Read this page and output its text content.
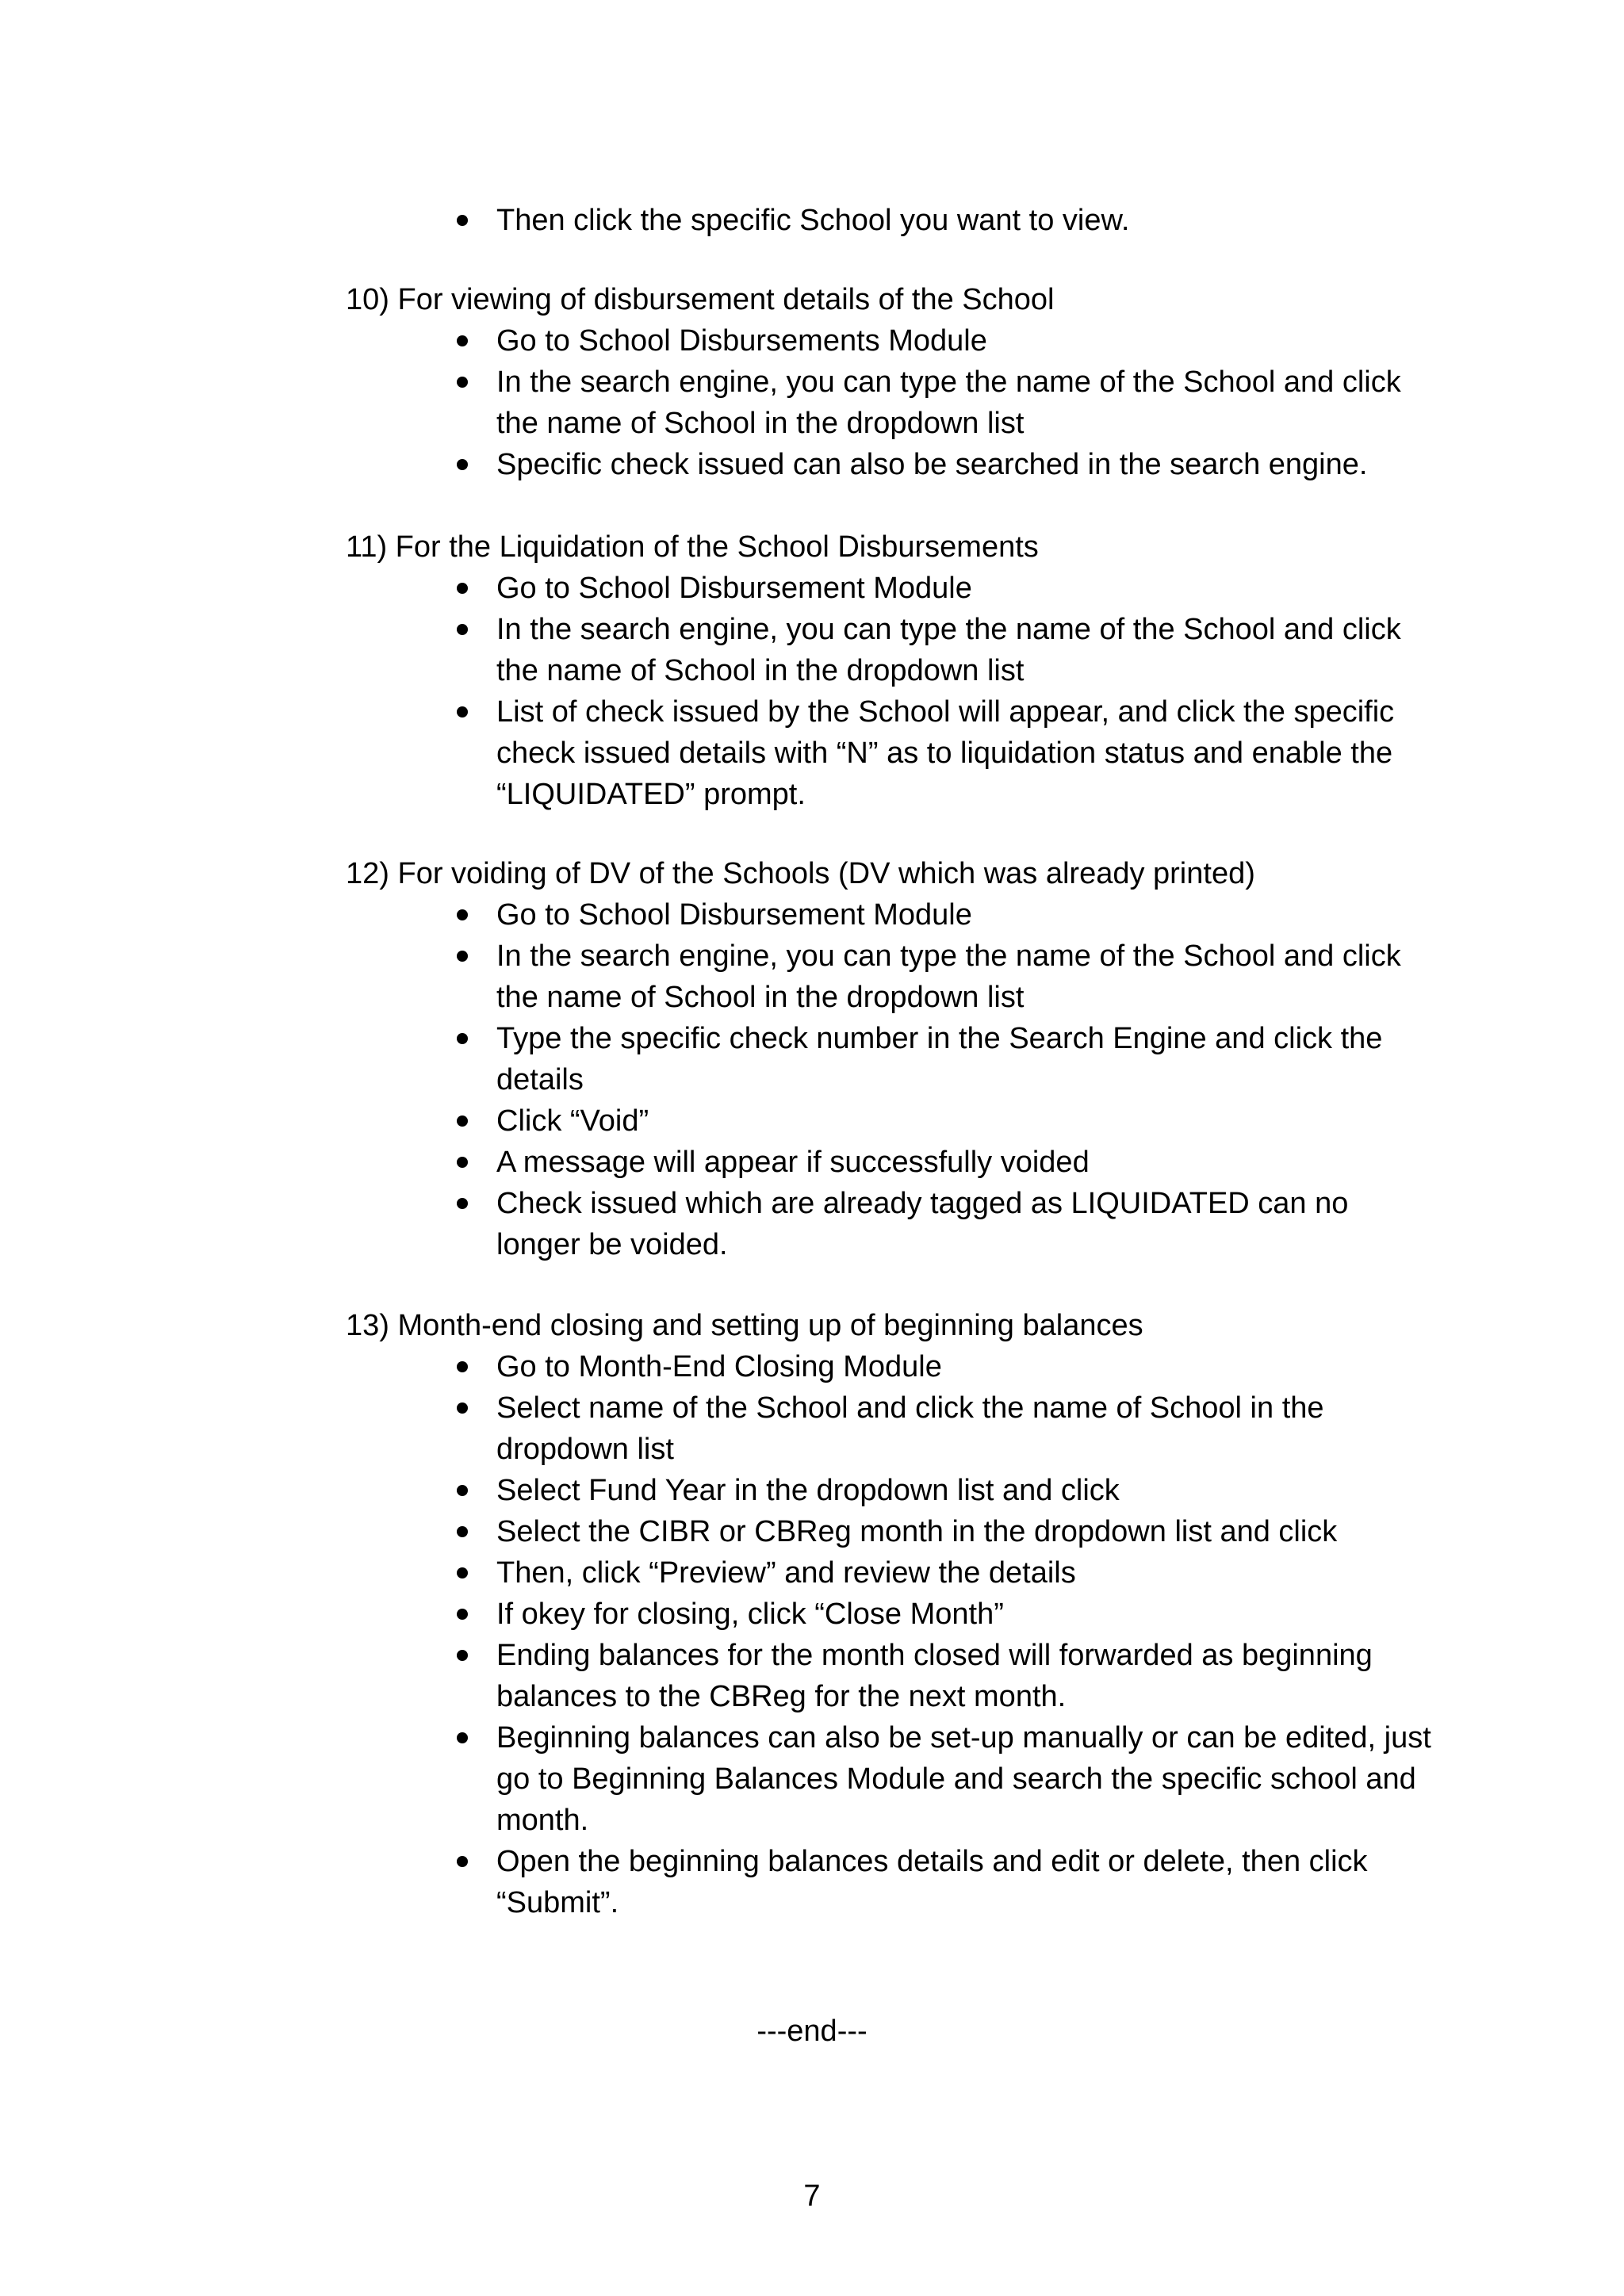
Then click the specific School you want to view.

10) For viewing of disbursement details of the School

Go to School Disbursements Module
In the search engine, you can type the name of the School and click the name of School in the dropdown list
Specific check issued can also be searched in the search engine.

11) For the Liquidation of the School Disbursements

Go to School Disbursement Module
In the search engine, you can type the name of the School and click the name of School in the dropdown list
List of check issued by the School will appear, and click the specific check issued details with “N” as to liquidation status and enable the “LIQUIDATED” prompt.

12) For voiding of DV of the Schools (DV which was already printed)

Go to School Disbursement Module
In the search engine, you can type the name of the School and click the name of School in the dropdown list
Type the specific check number in the Search Engine and click the details
Click “Void”
A message will appear if successfully voided
Check issued which are already tagged as LIQUIDATED can no longer be voided.

13) Month-end closing and setting up of beginning balances

Go to Month-End Closing Module
Select name of the School and click the name of School in the dropdown list
Select Fund Year in the dropdown list and click
Select the CIBR or CBReg month in the dropdown list and click
Then, click “Preview” and review the details
If okey for closing, click “Close Month”
Ending balances for the month closed will forwarded as beginning balances to the CBReg for the next month.
Beginning balances can also be set-up manually or can be edited, just go to Beginning Balances Module and search the specific school and month.
Open the beginning balances details and edit or delete, then click “Submit”.
---end---
7
